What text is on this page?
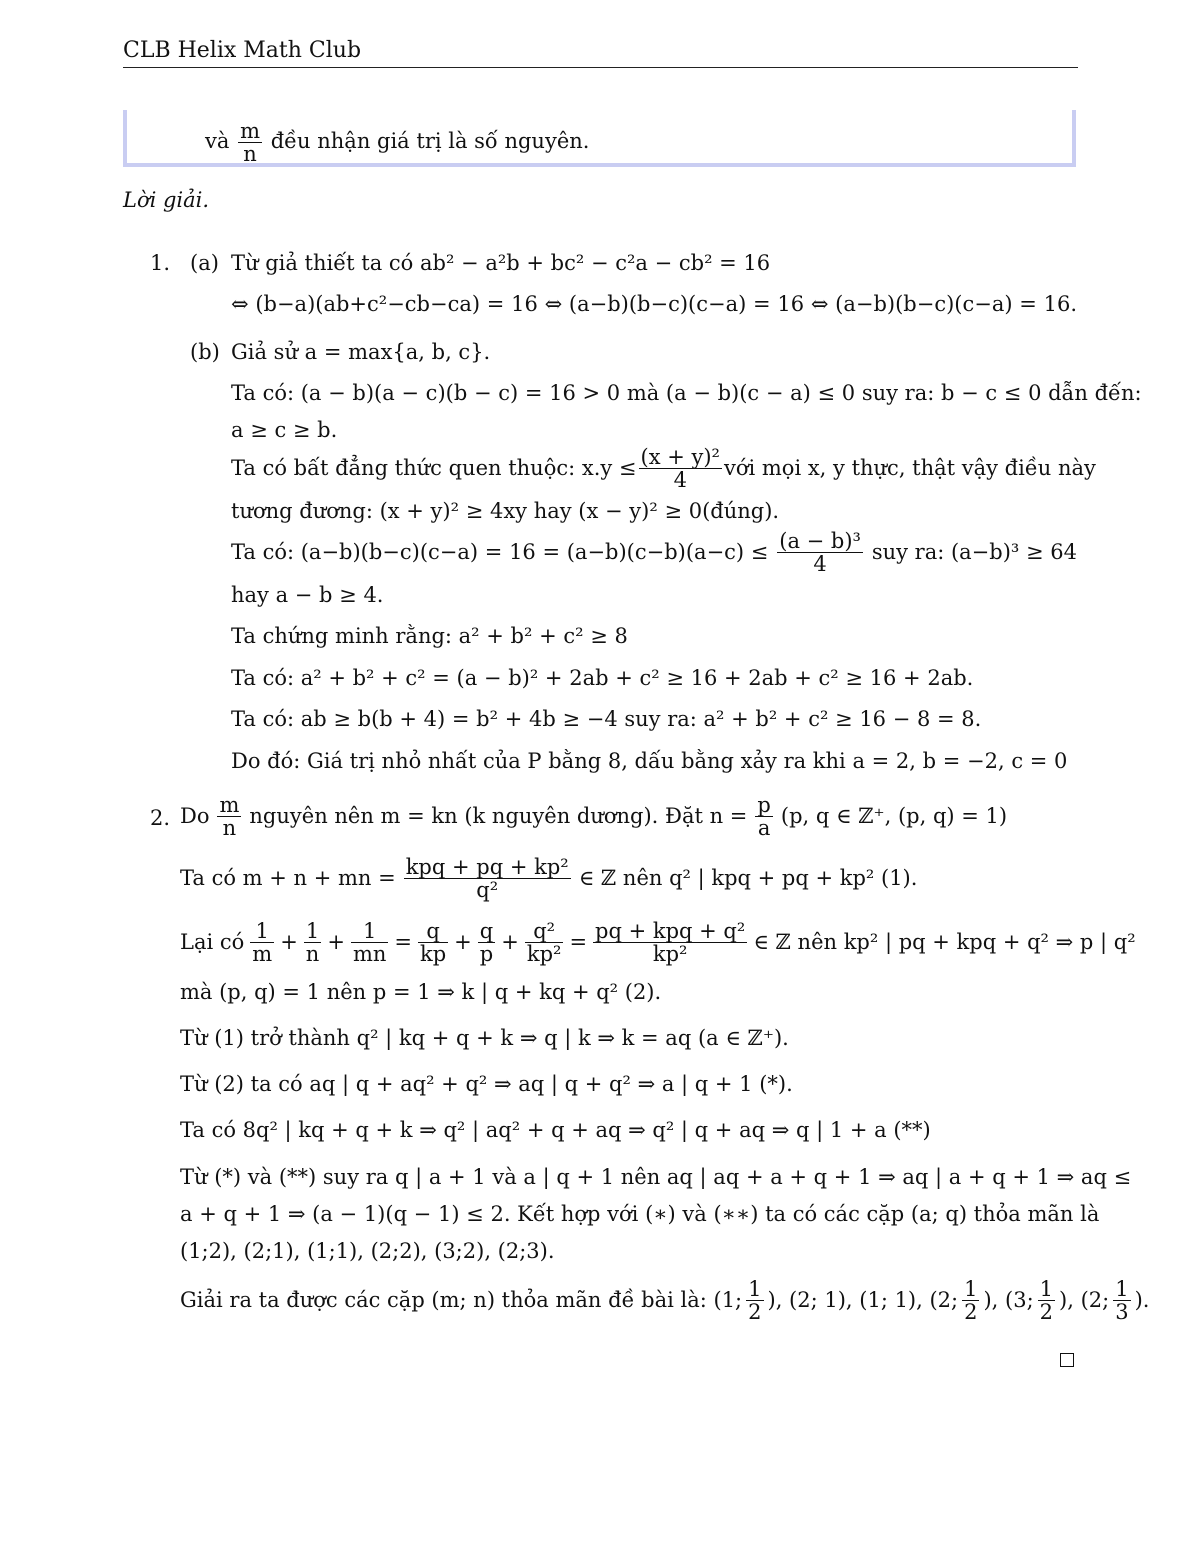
CLB Helix Math Club
và $\frac{m}{n}$ đều nhận giá trị là số nguyên.
Lời giải.
1. (a) Từ giả thiết ta có ab² − a²b + bc² − c²a − cb² = 16
⇔ (b−a)(ab+c²−cb−ca) = 16 ⇔ (a−b)(b−c)(c−a) = 16 ⇔ (a−b)(b−c)(c−a) = 16.
(b) Giả sử a = max{a, b, c}.
Ta có: (a − b)(a − c)(b − c) = 16 > 0 mà (a − b)(c − a) ≤ 0 suy ra: b − c ≤ 0 dẫn đến:
a ≥ c ≥ b.
Ta có bất đẳng thức quen thuộc: $x.y \le \frac{\text{(x + y)²}}{4}$ với mọi x, y thực, thật vậy điều này
tương đương: (x + y)² ≥ 4xy hay (x − y)² ≥ 0(đúng).
Ta có: $(a-b)(b-c)(c-a) = 16 = (a-b)(c-b)(a-c) \le \frac{\text{(a − b)³}}{4}$ suy ra: (a−b)³ ≥ 64
hay a − b ≥ 4.
Ta chứng minh rằng: a² + b² + c² ≥ 8
Ta có: a² + b² + c² = (a − b)² + 2ab + c² ≥ 16 + 2ab + c² ≥ 16 + 2ab.
Ta có: ab ≥ b(b + 4) = b² + 4b ≥ −4 suy ra: a² + b² + c² ≥ 16 − 8 = 8.
Do đó: Giá trị nhỏ nhất của P bằng 8, dấu bằng xảy ra khi a = 2, b = −2, c = 0
2. Do $\frac{m}{n}$ nguyên nên m = kn (k nguyên dương). Đặt $n = \frac{p}{a} (p$, q ∈ ℤ⁺, (p, q) = 1)
Ta có m + n + mn = $\frac{\text{kpq + pq + kp²}}{\text{q²}}$ ∈ ℤ nên q² | kpq + pq + kp² (1).
Lại có $\frac{1}{m} + \frac{1}{n} + \frac{1}{mn} = \frac{q}{kp} + \frac{q}{p} + \frac{\text{q²}}{\text{kp²}} = \frac{\text{pq + kpq + q²}}{\text{kp²}}$ ∈ ℤ nên kp² | pq + kpq + q² ⇒ p | q²
mà (p, q) = 1 nên p = 1 ⇒ k | q + kq + q² (2).
Từ (1) trở thành q² | kq + q + k ⇒ q | k ⇒ k = aq (a ∈ ℤ⁺).
Từ (2) ta có aq | q + aq² + q² ⇒ aq | q + q² ⇒ a | q + 1 (*).
Ta có 8q² | kq + q + k ⇒ q² | aq² + q + aq ⇒ q² | q + aq ⇒ q | 1 + a (**)
Từ (*) và (**) suy ra q | a + 1 và a | q + 1 nên aq | aq + a + q + 1 ⇒ aq | a + q + 1 ⇒ aq ≤
a + q + 1 ⇒ (a − 1)(q − 1) ≤ 2. Kết hợp với (∗) và (∗∗) ta có các cặp (a; q) thỏa mãn là
(1;2), (2;1), (1;1), (2;2), (3;2), (2;3).
Giải ra ta được các cặp (m; n) thỏa mãn đề bài là: (1; $\frac{1}{2}$ ), (2; 1), (1; 1), (2; $\frac{1}{2}$ ), (3; $\frac{1}{2}$ ), (2; $\frac{1}{3}$ ).
